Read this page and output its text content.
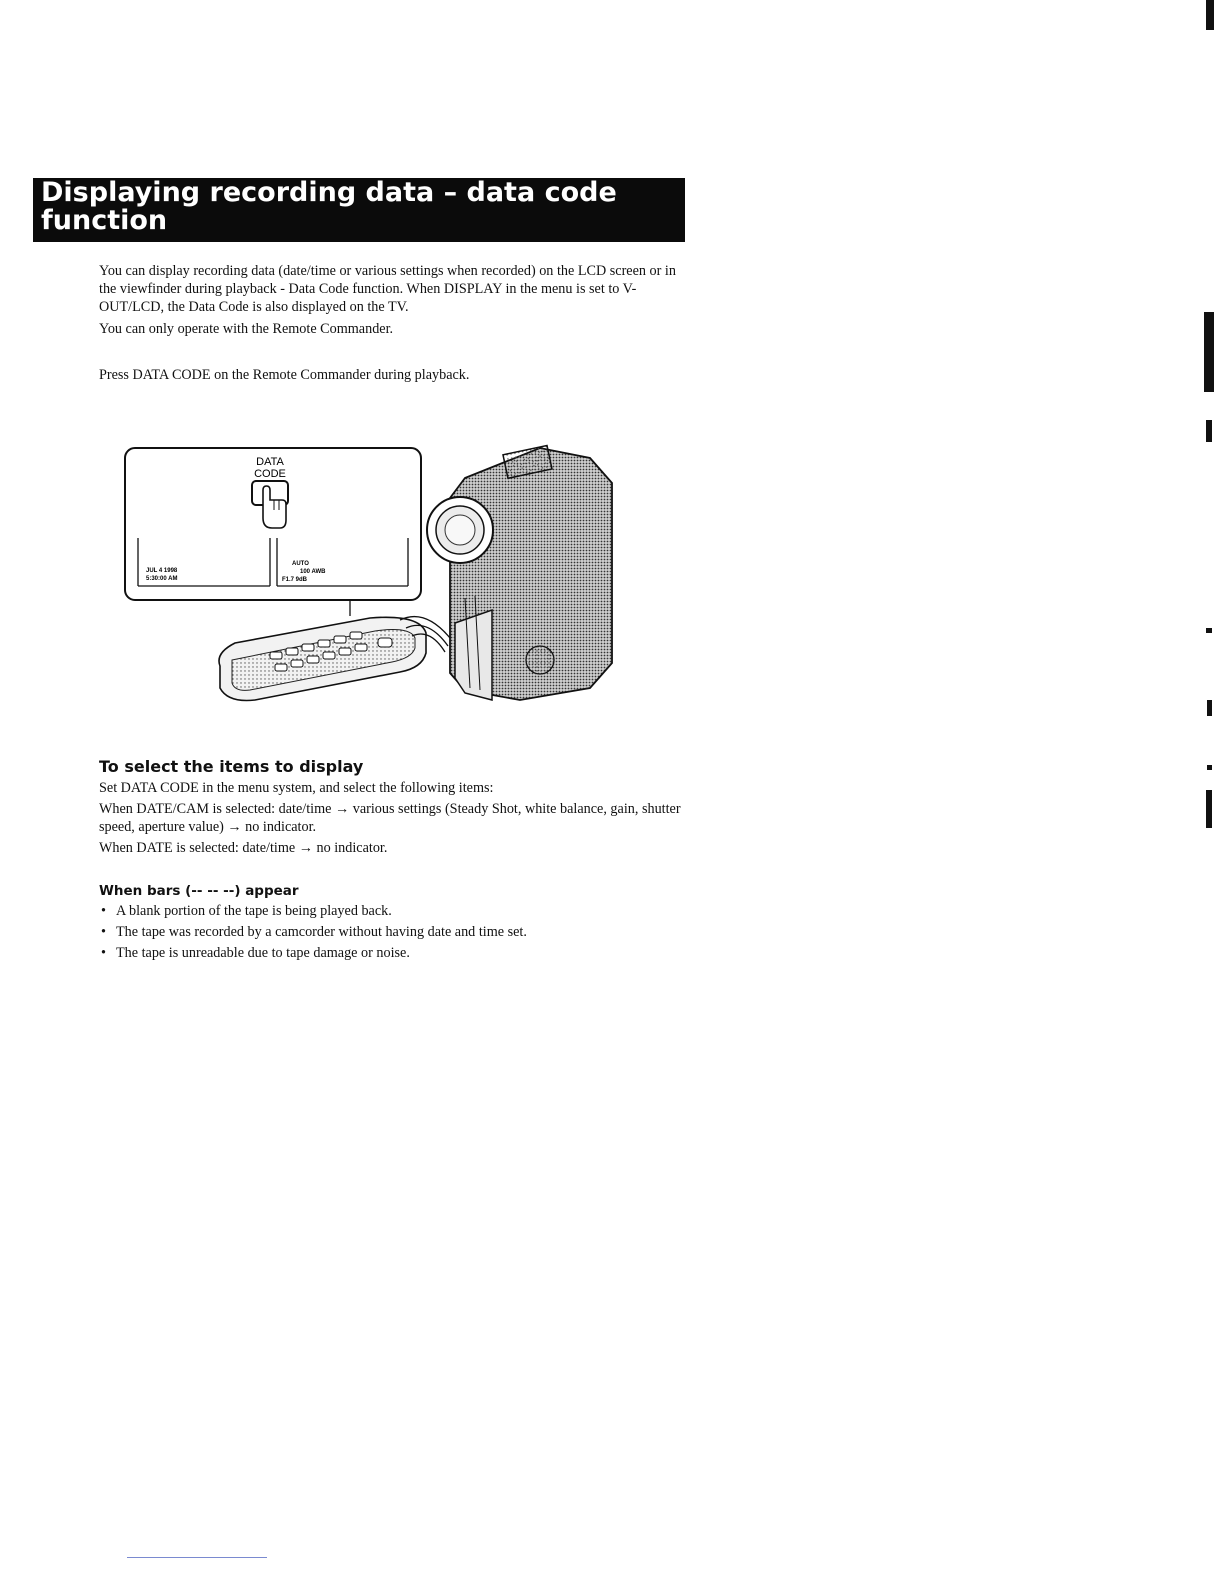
Displaying recording data – data code
function

You can display recording data (date/time or various settings when recorded) on the LCD screen or in the viewfinder during playback - Data Code function. When DISPLAY in the menu is set to V-OUT/LCD, the Data Code is also displayed on the TV.

You can only operate with the Remote Commander.

Press DATA CODE on the Remote Commander during playback.

DATA
CODE
JUL 4 1998
5:30:00 AM
AUTO
100 AWB
F1.7 9dB
To select the items to display

Set DATA CODE in the menu system, and select the following items:

When DATE/CAM is selected: date/time → various settings (Steady Shot, white balance, gain, shutter speed, aperture value) → no indicator.

When DATE is selected: date/time → no indicator.

When bars (-- -- --) appear
• A blank portion of the tape is being played back.
• The tape was recorded by a camcorder without having date and time set.
• The tape is unreadable due to tape damage or noise.
